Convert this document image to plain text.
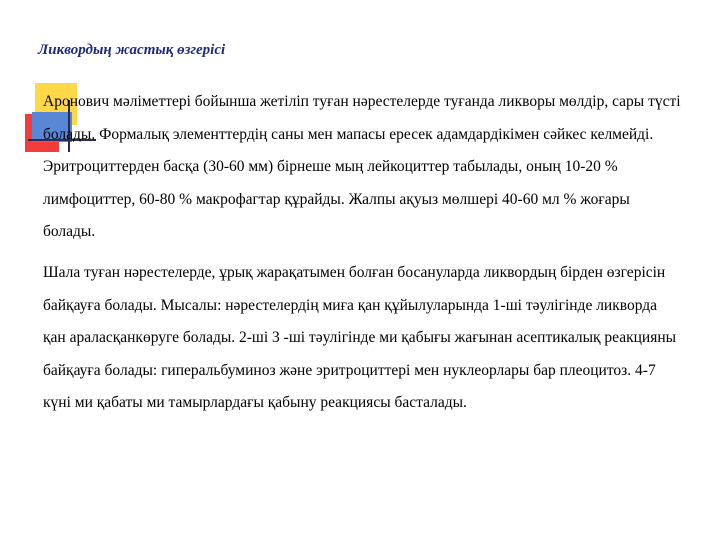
Ликвордың жастық өзгерісі

Аронович мәліметтері бойынша жетіліп туған нәрестелерде туғанда ликворы мөлдір, сары түсті болады. Формалық элементтердің саны мен мапасы ересек адамдардікімен сәйкес келмейді. Эритроциттерден басқа (30-60 мм) бірнеше мың лейкоциттер табылады, оның 10-20 % лимфоциттер, 60-80 % макрофагтар құрайды. Жалпы ақуыз мөлшері 40-60 мл % жоғары болады.

Шала туған нәрестелерде, ұрық жарақатымен болған босануларда ликвордың бірден өзгерісін байқауға болады. Мысалы: нәрестелердің миға қан құйылуларында 1-ші тәулігінде ликворда қан араласқанкөруге болады. 2-ші 3 -ші тәулігінде ми қабығы жағынан асептикалық реакцияны байқауға болады: гиперальбуминоз және эритроциттері мен нуклеорлары бар плеоцитоз. 4-7 күні ми қабаты ми тамырлардағы қабыну реакциясы басталады.
